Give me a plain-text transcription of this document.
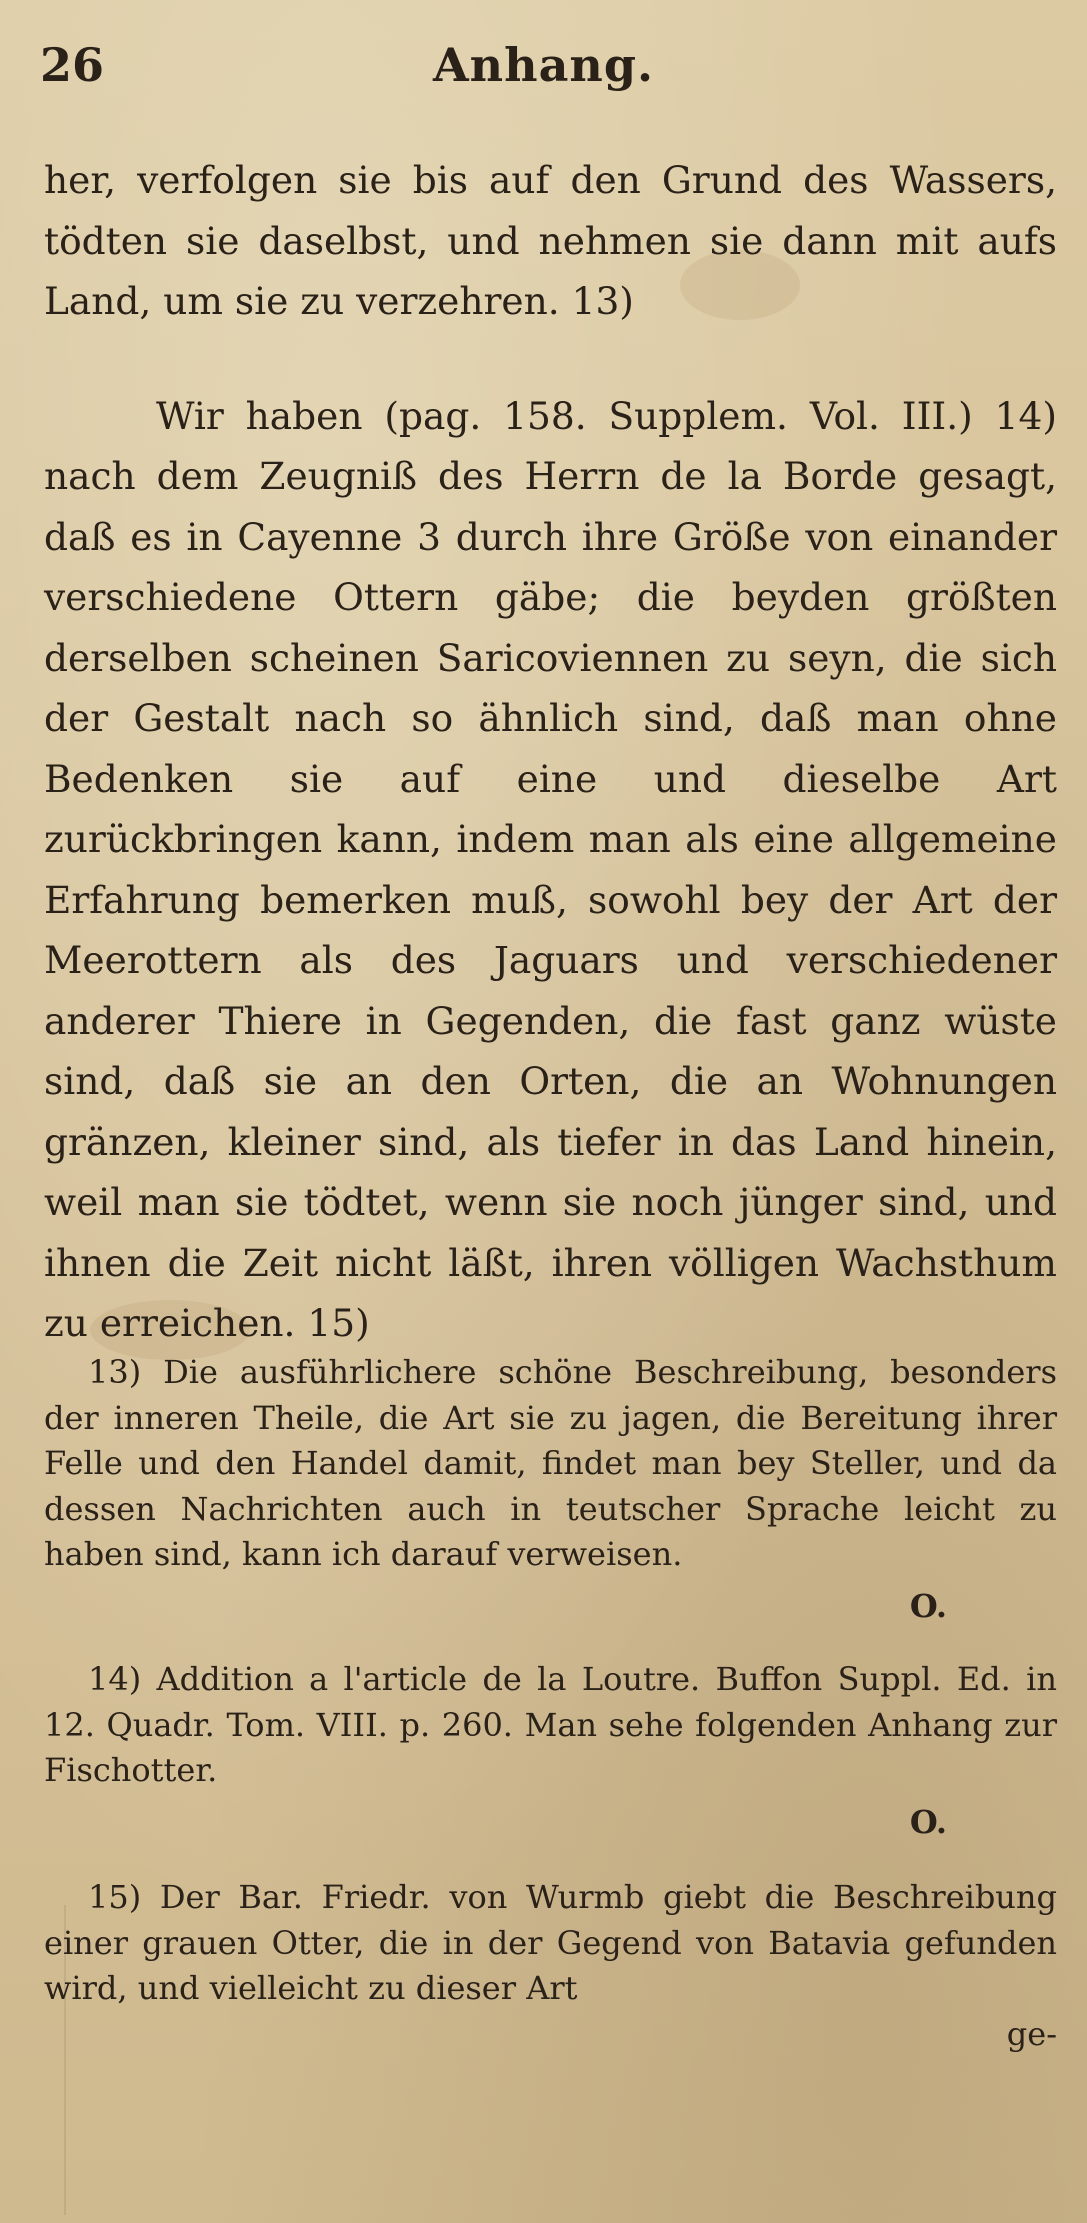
26	Anhang.

her, verfolgen sie bis auf den Grund des Wassers, tödten sie daselbst, und nehmen sie dann mit aufs Land, um sie zu verzehren. 13)

Wir haben (pag. 158. Supplem. Vol. III.) 14) nach dem Zeugniß des Herrn de la Borde gesagt, daß es in Cayenne 3 durch ihre Größe von einander verschiedene Ottern gäbe; die beyden größten derselben scheinen Saricoviennen zu seyn, die sich der Gestalt nach so ähnlich sind, daß man ohne Bedenken sie auf eine und dieselbe Art zurückbringen kann, indem man als eine allgemeine Erfahrung bemerken muß, sowohl bey der Art der Meerottern als des Jaguars und verschiedener anderer Thiere in Gegenden, die fast ganz wüste sind, daß sie an den Orten, die an Wohnungen gränzen, kleiner sind, als tiefer in das Land hinein, weil man sie tödtet, wenn sie noch jünger sind, und ihnen die Zeit nicht läßt, ihren völligen Wachsthum zu erreichen. 15)

13) Die ausführlichere schöne Beschreibung, besonders der inneren Theile, die Art sie zu jagen, die Bereitung ihrer Felle und den Handel damit, findet man bey Steller, und da dessen Nachrichten auch in teutscher Sprache leicht zu haben sind, kann ich darauf verweisen.
O.
14) Addition a l'article de la Loutre. Buffon Suppl. Ed. in 12. Quadr. Tom. VIII. p. 260. Man sehe folgenden Anhang zur Fischotter.
O.
15) Der Bar. Friedr. von Wurmb giebt die Beschreibung einer grauen Otter, die in der Gegend von Batavia gefunden wird, und vielleicht zu dieser Art
ge-
